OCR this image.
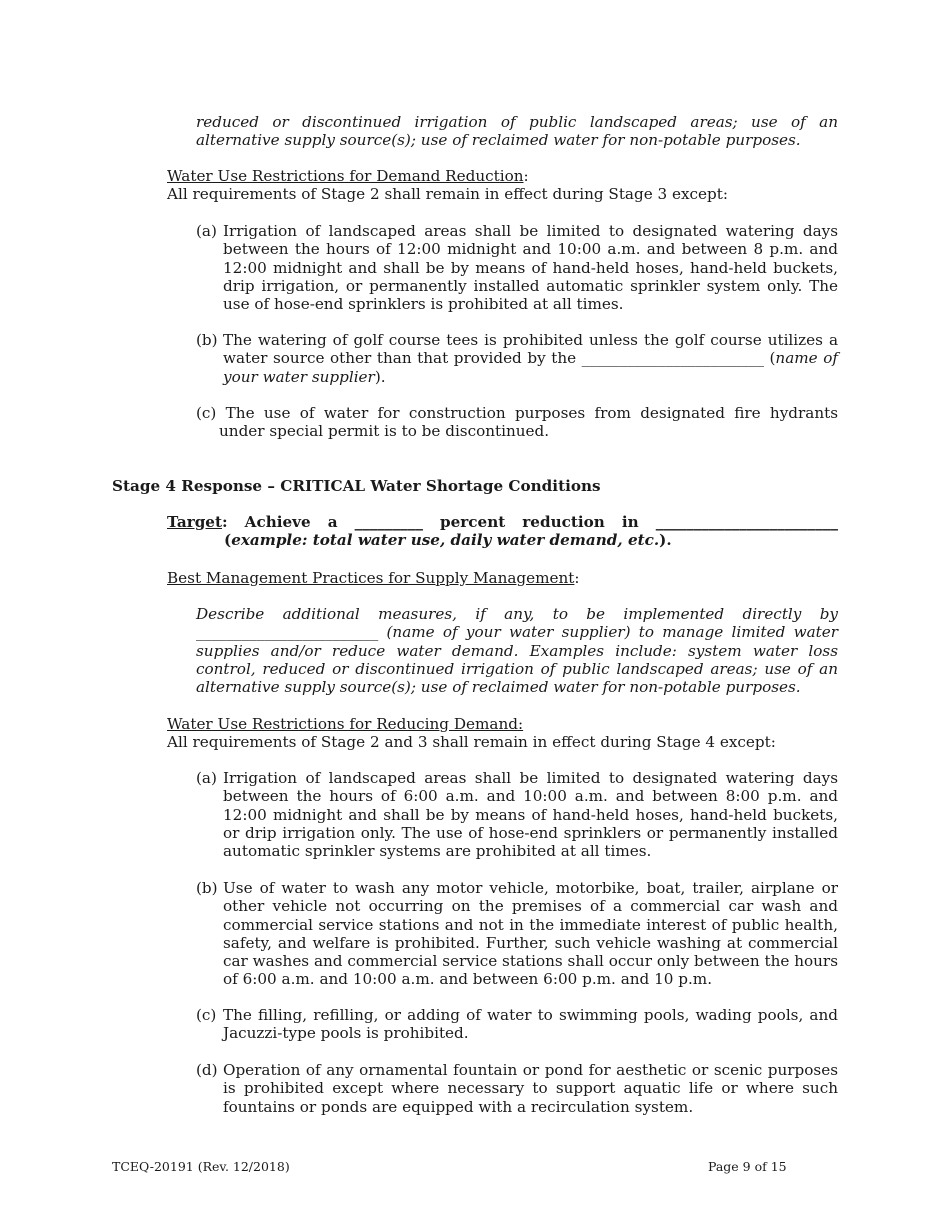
reduced or discontinued irrigation of public landscaped areas; use of an alternative supply source(s); use of reclaimed water for non-potable purposes.
Water Use Restrictions for Demand Reduction:
All requirements of Stage 2 shall remain in effect during Stage 3 except:
(a) Irrigation of landscaped areas shall be limited to designated watering days between the hours of 12:00 midnight and 10:00 a.m. and between 8 p.m. and 12:00 midnight and shall be by means of hand-held hoses, hand-held buckets, drip irrigation, or permanently installed automatic sprinkler system only. The use of hose-end sprinklers is prohibited at all times.
(b) The watering of golf course tees is prohibited unless the golf course utilizes a water source other than that provided by the ________________________ (name of your water supplier).
(c) The use of water for construction purposes from designated fire hydrants under special permit is to be discontinued.
Stage 4 Response – CRITICAL Water Shortage Conditions
Target: Achieve a _________ percent reduction in ________________________ (example: total water use, daily water demand, etc.).
Best Management Practices for Supply Management:
Describe additional measures, if any, to be implemented directly by ________________________ (name of your water supplier) to manage limited water supplies and/or reduce water demand. Examples include: system water loss control, reduced or discontinued irrigation of public landscaped areas; use of an alternative supply source(s); use of reclaimed water for non-potable purposes.
Water Use Restrictions for Reducing Demand:
All requirements of Stage 2 and 3 shall remain in effect during Stage 4 except:
(a) Irrigation of landscaped areas shall be limited to designated watering days between the hours of 6:00 a.m. and 10:00 a.m. and between 8:00 p.m. and 12:00 midnight and shall be by means of hand-held hoses, hand-held buckets, or drip irrigation only. The use of hose-end sprinklers or permanently installed automatic sprinkler systems are prohibited at all times.
(b) Use of water to wash any motor vehicle, motorbike, boat, trailer, airplane or other vehicle not occurring on the premises of a commercial car wash and commercial service stations and not in the immediate interest of public health, safety, and welfare is prohibited. Further, such vehicle washing at commercial car washes and commercial service stations shall occur only between the hours of 6:00 a.m. and 10:00 a.m. and between 6:00 p.m. and 10 p.m.
(c) The filling, refilling, or adding of water to swimming pools, wading pools, and Jacuzzi-type pools is prohibited.
(d) Operation of any ornamental fountain or pond for aesthetic or scenic purposes is prohibited except where necessary to support aquatic life or where such fountains or ponds are equipped with a recirculation system.
TCEQ-20191 (Rev. 12/2018)	Page 9 of 15
